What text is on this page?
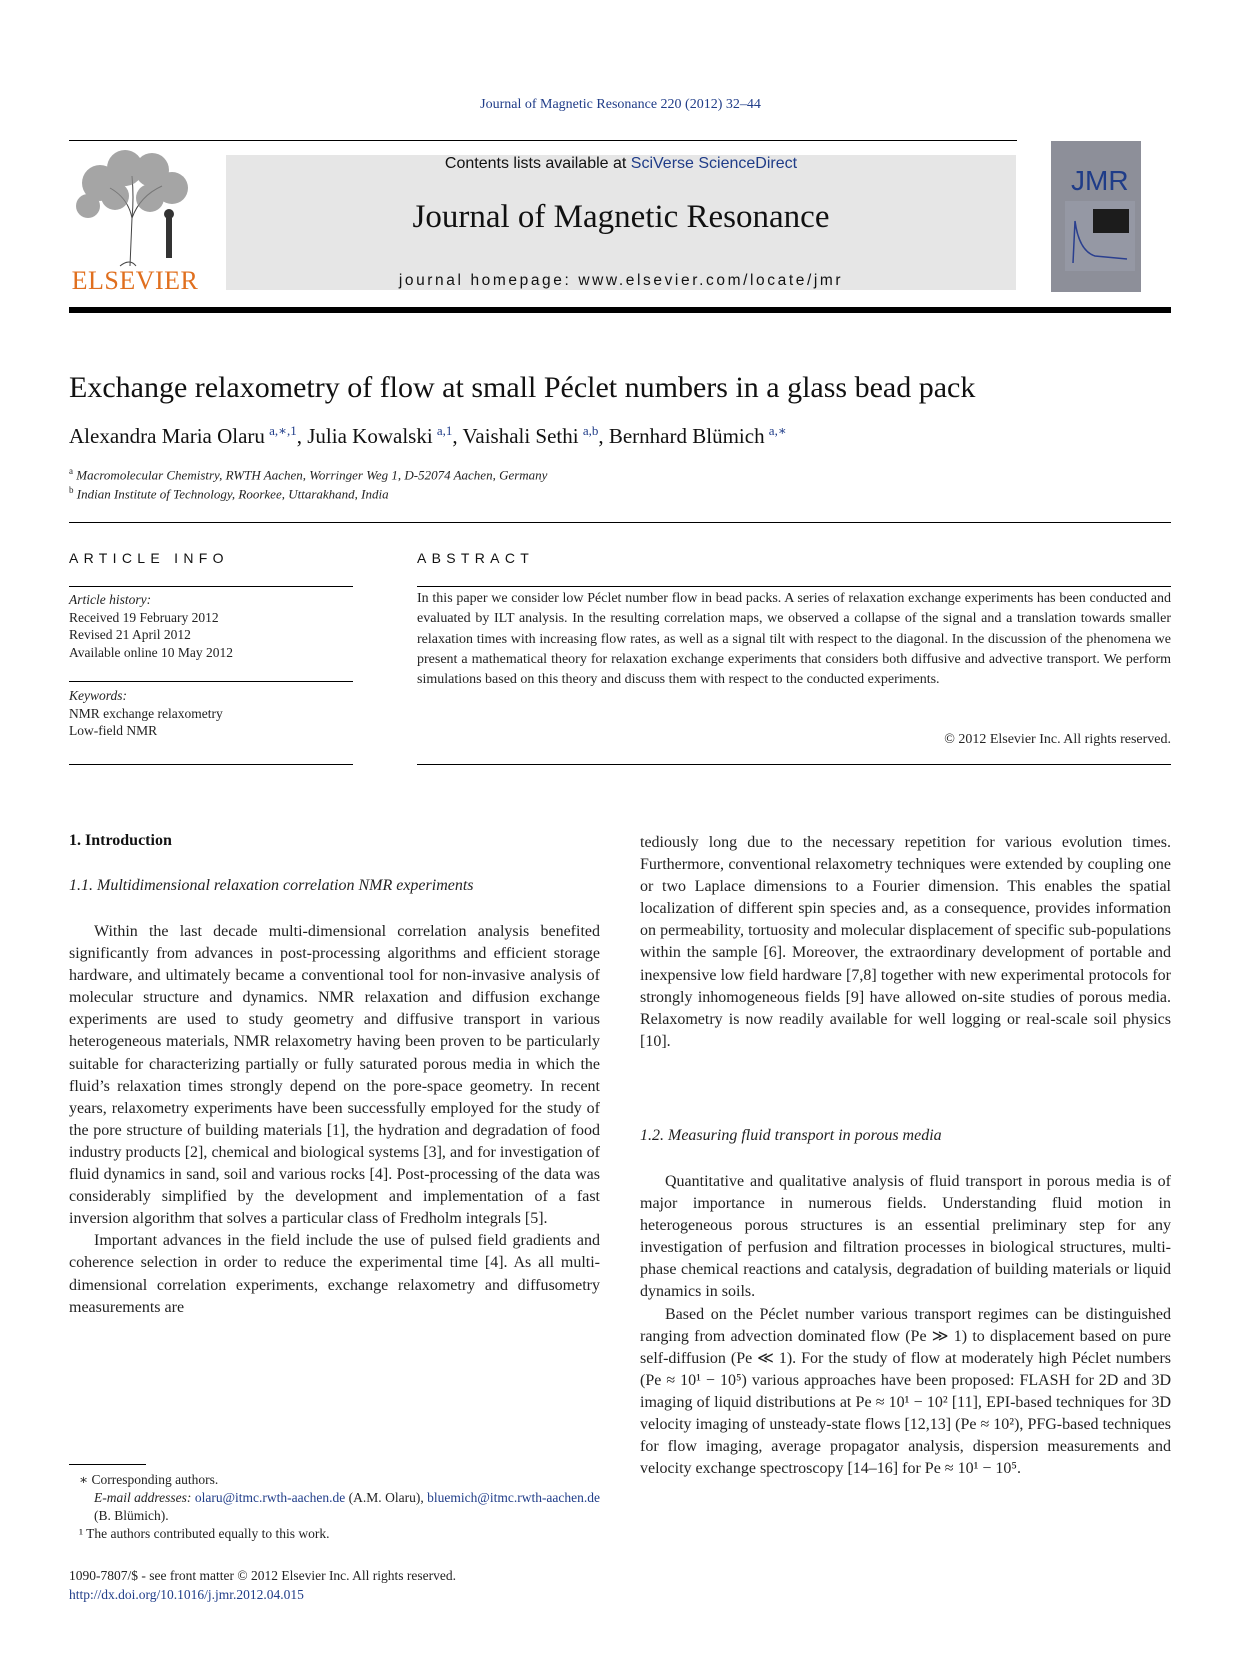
Journal of Magnetic Resonance 220 (2012) 32–44
ELSEVIER
Contents lists available at SciVerse ScienceDirect
Journal of Magnetic Resonance
journal homepage: www.elsevier.com/locate/jmr
JMR
Exchange relaxometry of flow at small Péclet numbers in a glass bead pack
Alexandra Maria Olaru  $^{a,∗,1}$, Julia Kowalski  $^{a,1}$, Vaishali Sethi  $^{a,b}$, Bernhard Blümich  $^{a,∗}$
$^a$ Macromolecular Chemistry, RWTH Aachen, Worringer Weg 1, D-52074 Aachen, Germany
$^b$ Indian Institute of Technology, Roorkee, Uttarakhand, India
ARTICLE INFO
Article history:
Received 19 February 2012
Revised 21 April 2012
Available online 10 May 2012
Keywords:
NMR exchange relaxometry
Low-field NMR
ABSTRACT
In this paper we consider low Péclet number flow in bead packs. A series of relaxation exchange experiments has been conducted and evaluated by ILT analysis. In the resulting correlation maps, we observed a collapse of the signal and a translation towards smaller relaxation times with increasing flow rates, as well as a signal tilt with respect to the diagonal. In the discussion of the phenomena we present a mathematical theory for relaxation exchange experiments that considers both diffusive and advective transport. We perform simulations based on this theory and discuss them with respect to the conducted experiments.
© 2012 Elsevier Inc. All rights reserved.
1. Introduction
1.1. Multidimensional relaxation correlation NMR experiments

Within the last decade multi-dimensional correlation analysis benefited significantly from advances in post-processing algorithms and efficient storage hardware, and ultimately became a conventional tool for non-invasive analysis of molecular structure and dynamics. NMR relaxation and diffusion exchange experiments are used to study geometry and diffusive transport in various heterogeneous materials, NMR relaxometry having been proven to be particularly suitable for characterizing partially or fully saturated porous media in which the fluid’s relaxation times strongly depend on the pore-space geometry. In recent years, relaxometry experiments have been successfully employed for the study of the pore structure of building materials [1], the hydration and degradation of food industry products [2], chemical and biological systems [3], and for investigation of fluid dynamics in sand, soil and various rocks [4]. Post-processing of the data was considerably simplified by the development and implementation of a fast inversion algorithm that solves a particular class of Fredholm integrals [5].

Important advances in the field include the use of pulsed field gradients and coherence selection in order to reduce the experimental time [4]. As all multi-dimensional correlation experiments, exchange relaxometry and diffusometry measurements are

tediously long due to the necessary repetition for various evolution times. Furthermore, conventional relaxometry techniques were extended by coupling one or two Laplace dimensions to a Fourier dimension. This enables the spatial localization of different spin species and, as a consequence, provides information on permeability, tortuosity and molecular displacement of specific sub-populations within the sample [6]. Moreover, the extraordinary development of portable and inexpensive low field hardware [7,8] together with new experimental protocols for strongly inhomogeneous fields [9] have allowed on-site studies of porous media. Relaxometry is now readily available for well logging or real-scale soil physics [10].

1.2. Measuring fluid transport in porous media

Quantitative and qualitative analysis of fluid transport in porous media is of major importance in numerous fields. Understanding fluid motion in heterogeneous porous structures is an essential preliminary step for any investigation of perfusion and filtration processes in biological structures, multi-phase chemical reactions and catalysis, degradation of building materials or liquid dynamics in soils.

Based on the Péclet number various transport regimes can be distinguished ranging from advection dominated flow (Pe ≫ 1) to displacement based on pure self-diffusion (Pe ≪ 1). For the study of flow at moderately high Péclet numbers (Pe ≈ 10¹ − 10⁵) various approaches have been proposed: FLASH for 2D and 3D imaging of liquid distributions at Pe ≈ 10¹ − 10² [11], EPI-based techniques for 3D velocity imaging of unsteady-state flows [12,13] (Pe ≈ 10²), PFG-based techniques for flow imaging, average propagator analysis, dispersion measurements and velocity exchange spectroscopy [14–16] for Pe ≈ 10¹ − 10⁵.

∗ Corresponding authors.
E-mail addresses: olaru@itmc.rwth-aachen.de (A.M. Olaru), bluemich@itmc.rwth-aachen.de (B. Blümich).
¹ The authors contributed equally to this work.
1090-7807/$ - see front matter © 2012 Elsevier Inc. All rights reserved.
http://dx.doi.org/10.1016/j.jmr.2012.04.015
